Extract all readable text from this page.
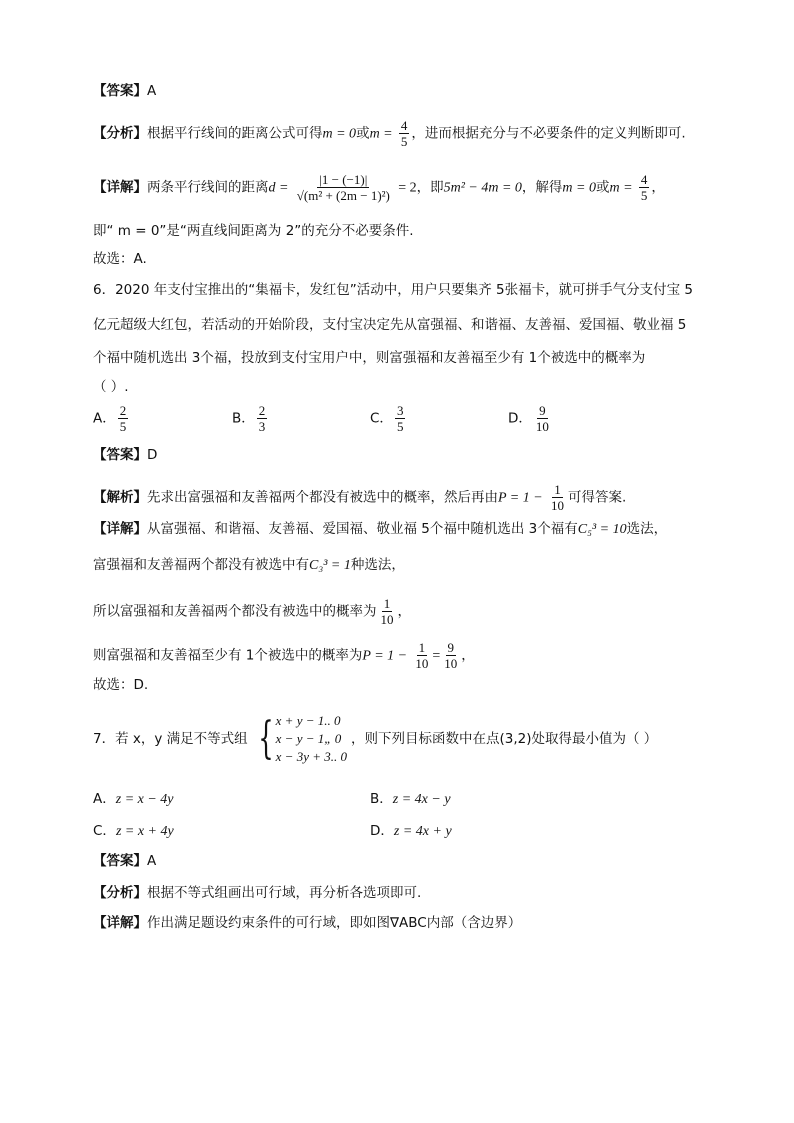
【答案】A
【分析】根据平行线间的距离公式可得m = 0或$m = \frac{4}{5}$ ，进而根据充分与不必要条件的定义判断即可.
【详解】两条平行线间的距离$d = \frac{|1 - (-1)|}{\text{√(m² + (2m − 1)²)}} = 2$，即5m² − 4m = 0，解得m = 0或$m = \frac{4}{5}$ ，
即“ m = 0”是“两直线间距离为 2”的充分不必要条件.
故选：A.
6．2020 年支付宝推出的“集福卡，发红包”活动中，用户只要集齐 5张福卡，就可拼手气分支付宝 5
亿元超级大红包，若活动的开始阶段，支付宝决定先从富强福、和谐福、友善福、爱国福、敬业福 5
个福中随机选出 3个福，投放到支付宝用户中，则富强福和友善福至少有 1个被选中的概率为
（ ）.
A． $\frac{2}{5}$	B． $\frac{2}{3}$	C． $\frac{3}{5}$	D． $\frac{9}{10}$
【答案】D
【解析】先求出富强福和友善福两个都没有被选中的概率，然后再由$P = 1 - \frac{1}{10}$ 可得答案.
【详解】从富强福、和谐福、友善福、爱国福、敬业福 5个福中随机选出 3个福有C₅³ = 10选法，
富强福和友善福两个都没有被选中有C₃³ = 1种选法，
所以富强福和友善福两个都没有被选中的概率为 $\frac{1}{10}$ ，
则富强福和友善福至少有 1个被选中的概率为$P = 1 - \frac{1}{10} = \frac{9}{10}$ ，
故选：D.
7．若 x，y 满足不等式组 { x + y − 1.. 0
x − y − 1„ 0
x − 3y + 3.. 0
，则下列目标函数中在点(3,2)处取得最小值为（ ）
A．z = x − 4y	B．z = 4x − y
C．z = x + 4y	D．z = 4x + y
【答案】A
【分析】根据不等式组画出可行域，再分析各选项即可.
【详解】作出满足题设约束条件的可行域，即如图∇ABC内部（含边界）
